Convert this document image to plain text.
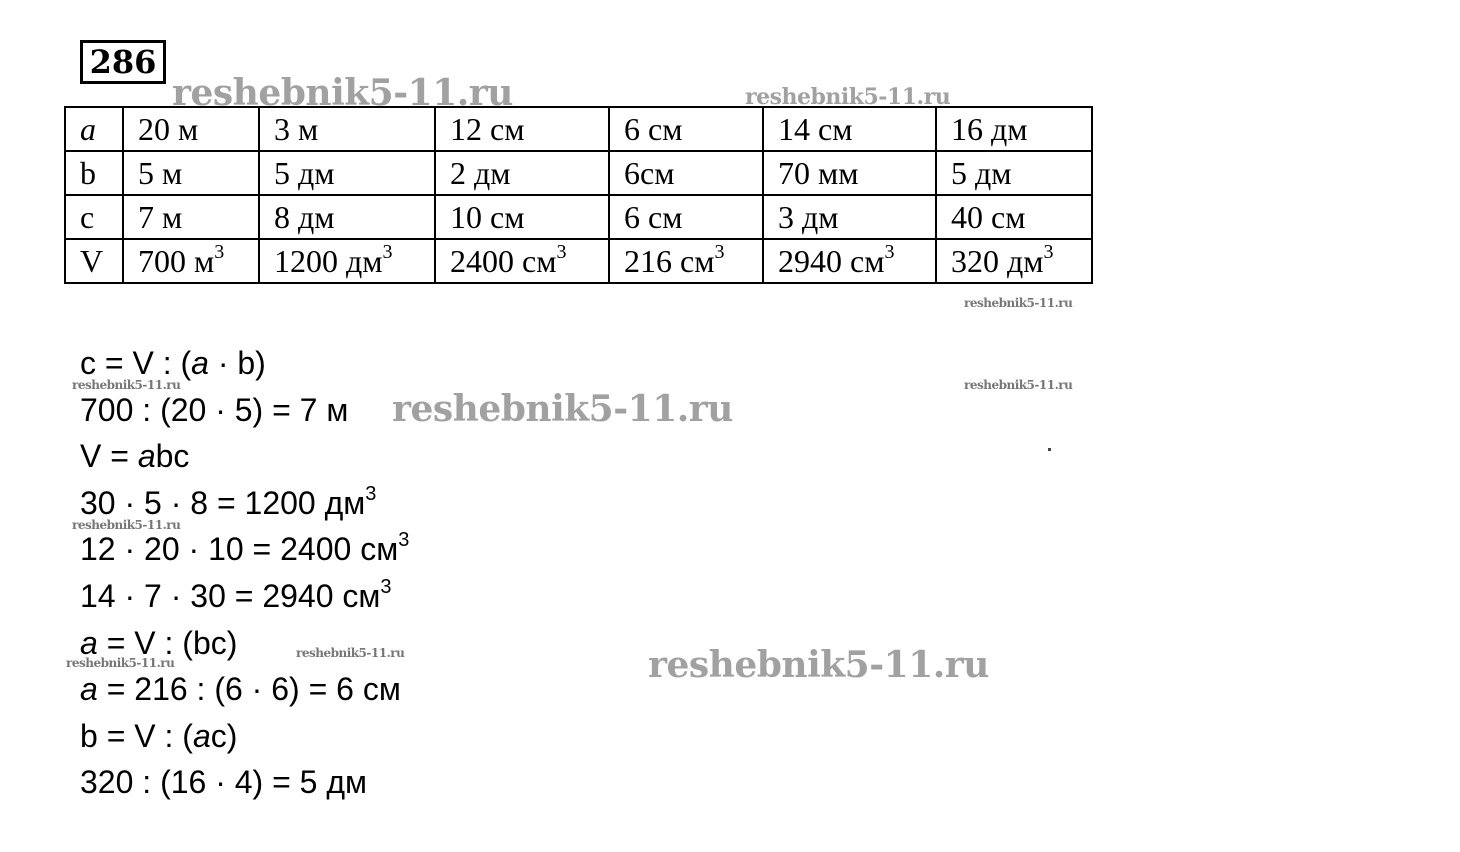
286
reshebnik5-11.ru	reshebnik5-11.ru
a	20 м	3 м	12 см	6 см	14 см	16 дм
b	5 м	5 дм	2 дм	6см	70 мм	5 дм
c	7 м	8 дм	10 см	6 см	3 дм	40 см
V	700 $м^3$	1200 $дм^3$	2400 $см^3$	216 $см^3$	2940 $см^3$	320 $дм^3$
reshebnik5-11.ru
c = V : (a · b)
700 : (20 · 5) = 7 м
V = abc
30 · 5 · 8 = 1200 $дм^3$
12 · 20 · 10 = 2400 $см^3$
14 · 7 · 30 = 2940 $см^3$
a = V : (bc)
a = 216 : (6 · 6) = 6 см
b = V : (ac)
320 : (16 · 4) = 5 дм
reshebnik5-11.ru	reshebnik5-11.ru
reshebnik5-11.ru
reshebnik5-11.ru
reshebnik5-11.ru
reshebnik5-11.ru	reshebnik5-11.ru
